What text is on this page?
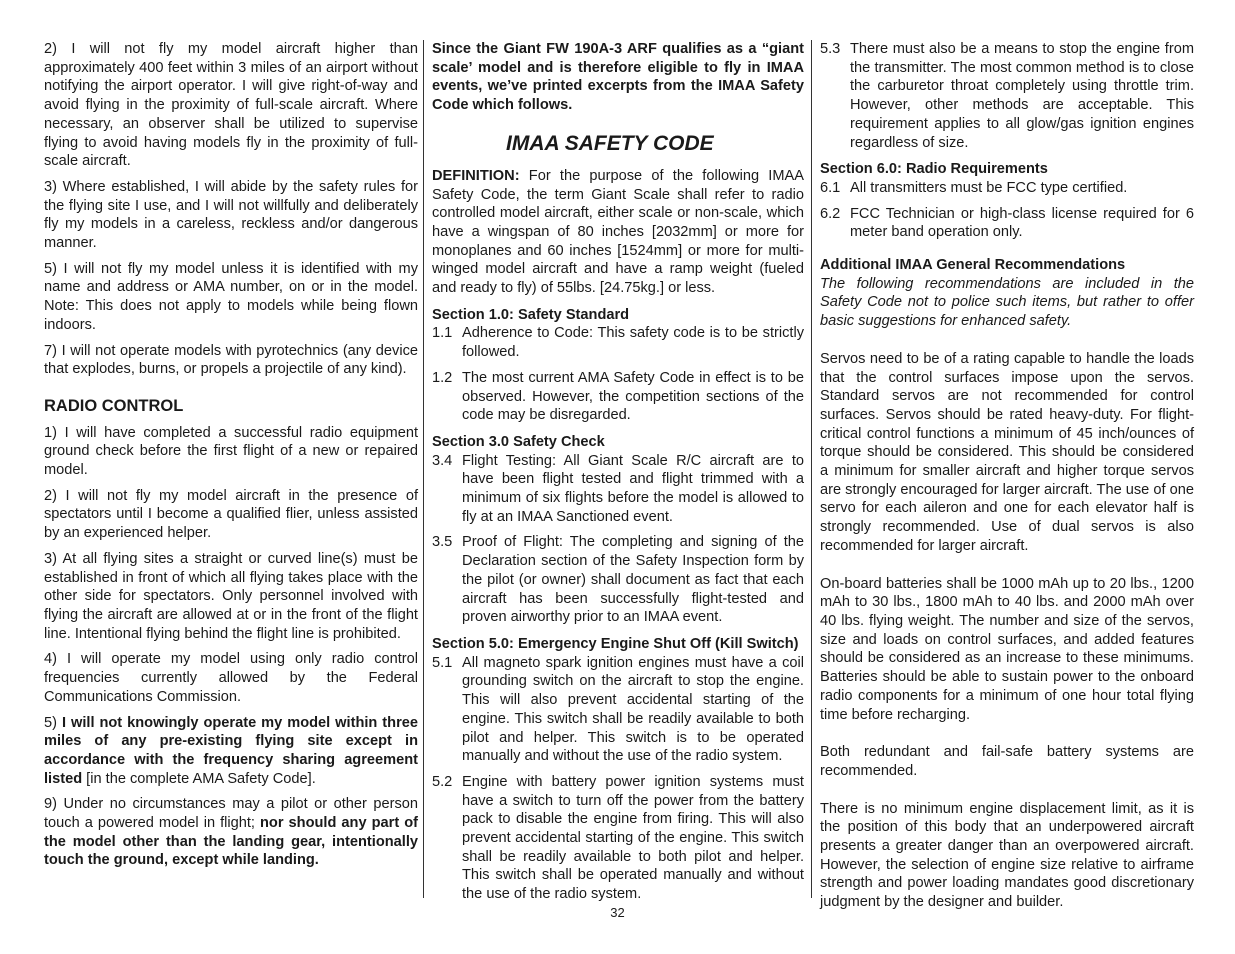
2) I will not fly my model aircraft higher than approximately 400 feet within 3 miles of an airport without notifying the airport operator. I will give right-of-way and avoid flying in the proximity of full-scale aircraft. Where necessary, an observer shall be utilized to supervise flying to avoid having models fly in the proximity of full-scale aircraft.

3) Where established, I will abide by the safety rules for the flying site I use, and I will not willfully and deliberately fly my models in a careless, reckless and/or dangerous manner.

5) I will not fly my model unless it is identified with my name and address or AMA number, on or in the model. Note: This does not apply to models while being flown indoors.

7) I will not operate models with pyrotechnics (any device that explodes, burns, or propels a projectile of any kind).

RADIO CONTROL

1) I will have completed a successful radio equipment ground check before the first flight of a new or repaired model.

2) I will not fly my model aircraft in the presence of spectators until I become a qualified flier, unless assisted by an experienced helper.

3) At all flying sites a straight or curved line(s) must be established in front of which all flying takes place with the other side for spectators. Only personnel involved with flying the aircraft are allowed at or in the front of the flight line. Intentional flying behind the flight line is prohibited.

4) I will operate my model using only radio control frequencies currently allowed by the Federal Communications Commission.

5) I will not knowingly operate my model within three miles of any pre-existing flying site except in accordance with the frequency sharing agreement listed [in the complete AMA Safety Code].

9) Under no circumstances may a pilot or other person touch a powered model in flight; nor should any part of the model other than the landing gear, intentionally touch the ground, except while landing.

Since the Giant FW 190A-3 ARF qualifies as a “giant scale’ model and is therefore eligible to fly in IMAA events, we’ve printed excerpts from the IMAA Safety Code which follows.

IMAA SAFETY CODE

DEFINITION: For the purpose of the following IMAA Safety Code, the term Giant Scale shall refer to radio controlled model aircraft, either scale or non-scale, which have a wingspan of 80 inches [2032mm] or more for monoplanes and 60 inches [1524mm] or more for multi-winged model aircraft and have a ramp weight (fueled and ready to fly) of 55lbs. [24.75kg.] or less.

Section 1.0: Safety Standard
1.1 Adherence to Code: This safety code is to be strictly followed.
1.2 The most current AMA Safety Code in effect is to be observed. However, the competition sections of the code may be disregarded.
Section 3.0 Safety Check
3.4 Flight Testing: All Giant Scale R/C aircraft are to have been flight tested and flight trimmed with a minimum of six flights before the model is allowed to fly at an IMAA Sanctioned event.
3.5 Proof of Flight: The completing and signing of the Declaration section of the Safety Inspection form by the pilot (or owner) shall document as fact that each aircraft has been successfully flight-tested and proven airworthy prior to an IMAA event.
Section 5.0: Emergency Engine Shut Off (Kill Switch)
5.1 All magneto spark ignition engines must have a coil grounding switch on the aircraft to stop the engine. This will also prevent accidental starting of the engine. This switch shall be readily available to both pilot and helper. This switch is to be operated manually and without the use of the radio system.
5.2 Engine with battery power ignition systems must have a switch to turn off the power from the battery pack to disable the engine from firing. This will also prevent accidental starting of the engine. This switch shall be readily available to both pilot and helper. This switch shall be operated manually and without the use of the radio system.
5.3 There must also be a means to stop the engine from the transmitter. The most common method is to close the carburetor throat completely using throttle trim. However, other methods are acceptable. This requirement applies to all glow/gas ignition engines regardless of size.
Section 6.0: Radio Requirements
6.1 All transmitters must be FCC type certified.
6.2 FCC Technician or high-class license required for 6 meter band operation only.
Additional IMAA General Recommendations

The following recommendations are included in the Safety Code not to police such items, but rather to offer basic suggestions for enhanced safety.

Servos need to be of a rating capable to handle the loads that the control surfaces impose upon the servos. Standard servos are not recommended for control surfaces. Servos should be rated heavy-duty. For flight-critical control functions a minimum of 45 inch/ounces of torque should be considered. This should be considered a minimum for smaller aircraft and higher torque servos are strongly encouraged for larger aircraft. The use of one servo for each aileron and one for each elevator half is strongly recommended. Use of dual servos is also recommended for larger aircraft.

On-board batteries shall be 1000 mAh up to 20 lbs., 1200 mAh to 30 lbs., 1800 mAh to 40 lbs. and 2000 mAh over 40 lbs. flying weight. The number and size of the servos, size and loads on control surfaces, and added features should be considered as an increase to these minimums. Batteries should be able to sustain power to the onboard radio components for a minimum of one hour total flying time before recharging.

Both redundant and fail-safe battery systems are recommended.

There is no minimum engine displacement limit, as it is the position of this body that an underpowered aircraft presents a greater danger than an overpowered aircraft. However, the selection of engine size relative to airframe strength and power loading mandates good discretionary judgment by the designer and builder.

32
